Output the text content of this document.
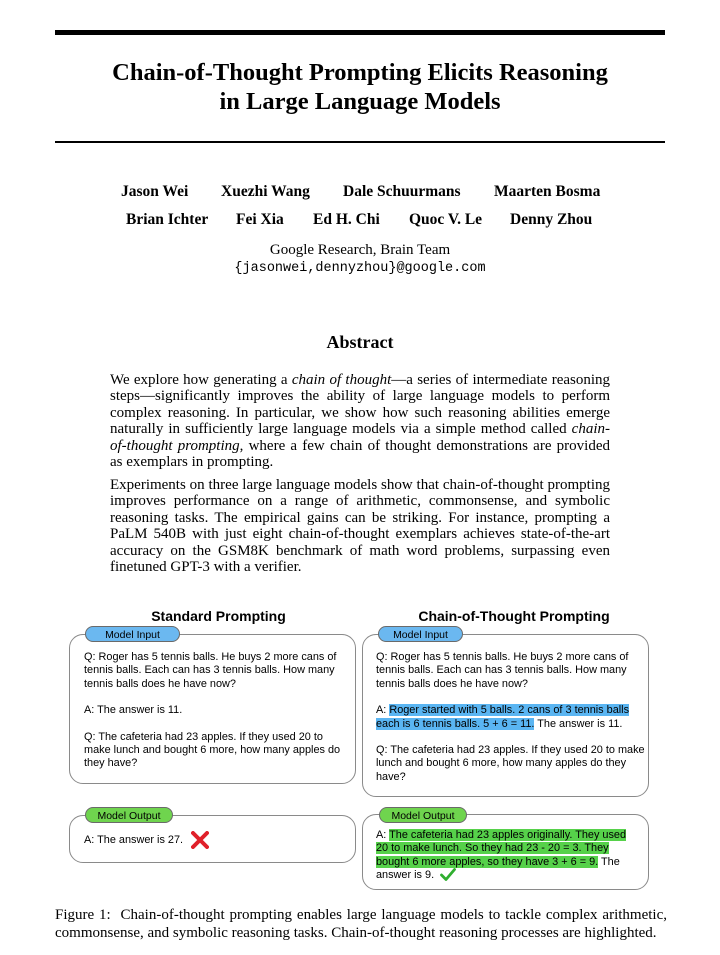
Chain-of-Thought Prompting Elicits Reasoning
in Large Language Models
Jason Wei Xuezhi Wang Dale Schuurmans Maarten Bosma
Brian Ichter Fei Xia Ed H. Chi Quoc V. Le Denny Zhou
Google Research, Brain Team
{jasonwei,dennyzhou}@google.com
Abstract
We explore how generating a chain of thought—a series of intermediate reasoning steps—significantly improves the ability of large language models to perform complex reasoning. In particular, we show how such reasoning abilities emerge naturally in sufficiently large language models via a simple method called chain-of-thought prompting, where a few chain of thought demonstrations are provided as exemplars in prompting.
Experiments on three large language models show that chain-of-thought prompting improves performance on a range of arithmetic, commonsense, and symbolic reasoning tasks. The empirical gains can be striking. For instance, prompting a PaLM 540B with just eight chain-of-thought exemplars achieves state-of-the-art accuracy on the GSM8K benchmark of math word problems, surpassing even finetuned GPT-3 with a verifier.
Standard Prompting
Model Input
Q: Roger has 5 tennis balls. He buys 2 more cans of tennis balls. Each can has 3 tennis balls. How many tennis balls does he have now?
A: The answer is 11.
Q: The cafeteria had 23 apples. If they used 20 to make lunch and bought 6 more, how many apples do they have?
Model Output
A: The answer is 27.
Chain-of-Thought Prompting
Model Input
Q: Roger has 5 tennis balls. He buys 2 more cans of tennis balls. Each can has 3 tennis balls. How many tennis balls does he have now?
A: Roger started with 5 balls. 2 cans of 3 tennis balls
each is 6 tennis balls. 5 + 6 = 11. The answer is 11.
Q: The cafeteria had 23 apples. If they used 20 to make lunch and bought 6 more, how many apples do they have?
Model Output
A: The cafeteria had 23 apples originally. They used
20 to make lunch. So they had 23 - 20 = 3. They
bought 6 more apples, so they have 3 + 6 = 9. The
answer is 9.
Figure 1: Chain-of-thought prompting enables large language models to tackle complex arithmetic, commonsense, and symbolic reasoning tasks. Chain-of-thought reasoning processes are highlighted.
